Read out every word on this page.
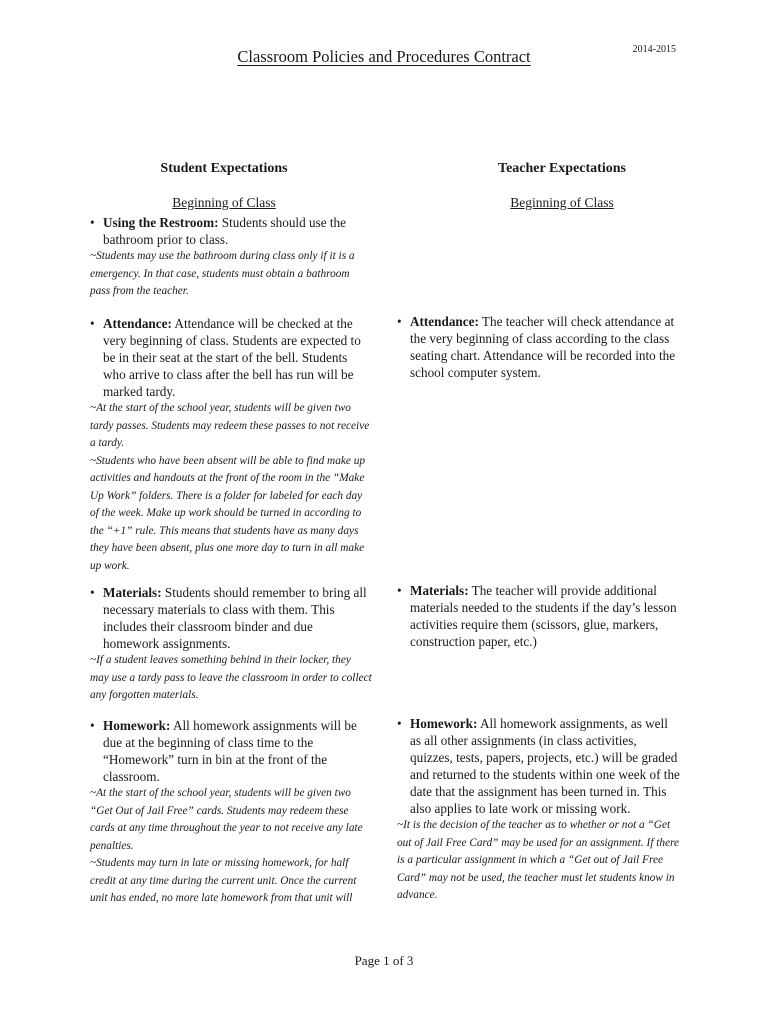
2014-2015
Classroom Policies and Procedures Contract
Student Expectations
Beginning of Class
Teacher Expectations
Beginning of Class
• Using the Restroom: Students should use the bathroom prior to class.

~Students may use the bathroom during class only if it is a emergency. In that case, students must obtain a bathroom pass from the teacher.

• Attendance: Attendance will be checked at the very beginning of class. Students are expected to be in their seat at the start of the bell. Students who arrive to class after the bell has run will be marked tardy.

~At the start of the school year, students will be given two tardy passes. Students may redeem these passes to not receive a tardy.

~Students who have been absent will be able to find make up activities and handouts at the front of the room in the “Make Up Work” folders. There is a folder for labeled for each day of the week. Make up work should be turned in according to the “+1” rule. This means that students have as many days they have been absent, plus one more day to turn in all make up work.

• Materials: Students should remember to bring all necessary materials to class with them. This includes their classroom binder and due homework assignments.

~If a student leaves something behind in their locker, they may use a tardy pass to leave the classroom in order to collect any forgotten materials.

• Homework: All homework assignments will be due at the beginning of class time to the “Homework” turn in bin at the front of the classroom.

~At the start of the school year, students will be given two “Get Out of Jail Free” cards. Students may redeem these cards at any time throughout the year to not receive any late penalties.

~Students may turn in late or missing homework, for half credit at any time during the current unit. Once the current unit has ended, no more late homework from that unit will

• Attendance: The teacher will check attendance at the very beginning of class according to the class seating chart. Attendance will be recorded into the school computer system.
• Materials: The teacher will provide additional materials needed to the students if the day’s lesson activities require them (scissors, glue, markers, construction paper, etc.)
• Homework: All homework assignments, as well as all other assignments (in class activities, quizzes, tests, papers, projects, etc.) will be graded and returned to the students within one week of the date that the assignment has been turned in. This also applies to late work or missing work.

~It is the decision of the teacher as to whether or not a “Get out of Jail Free Card” may be used for an assignment. If there is a particular assignment in which a “Get out of Jail Free Card” may not be used, the teacher must let students know in advance.

Page 1 of 3
